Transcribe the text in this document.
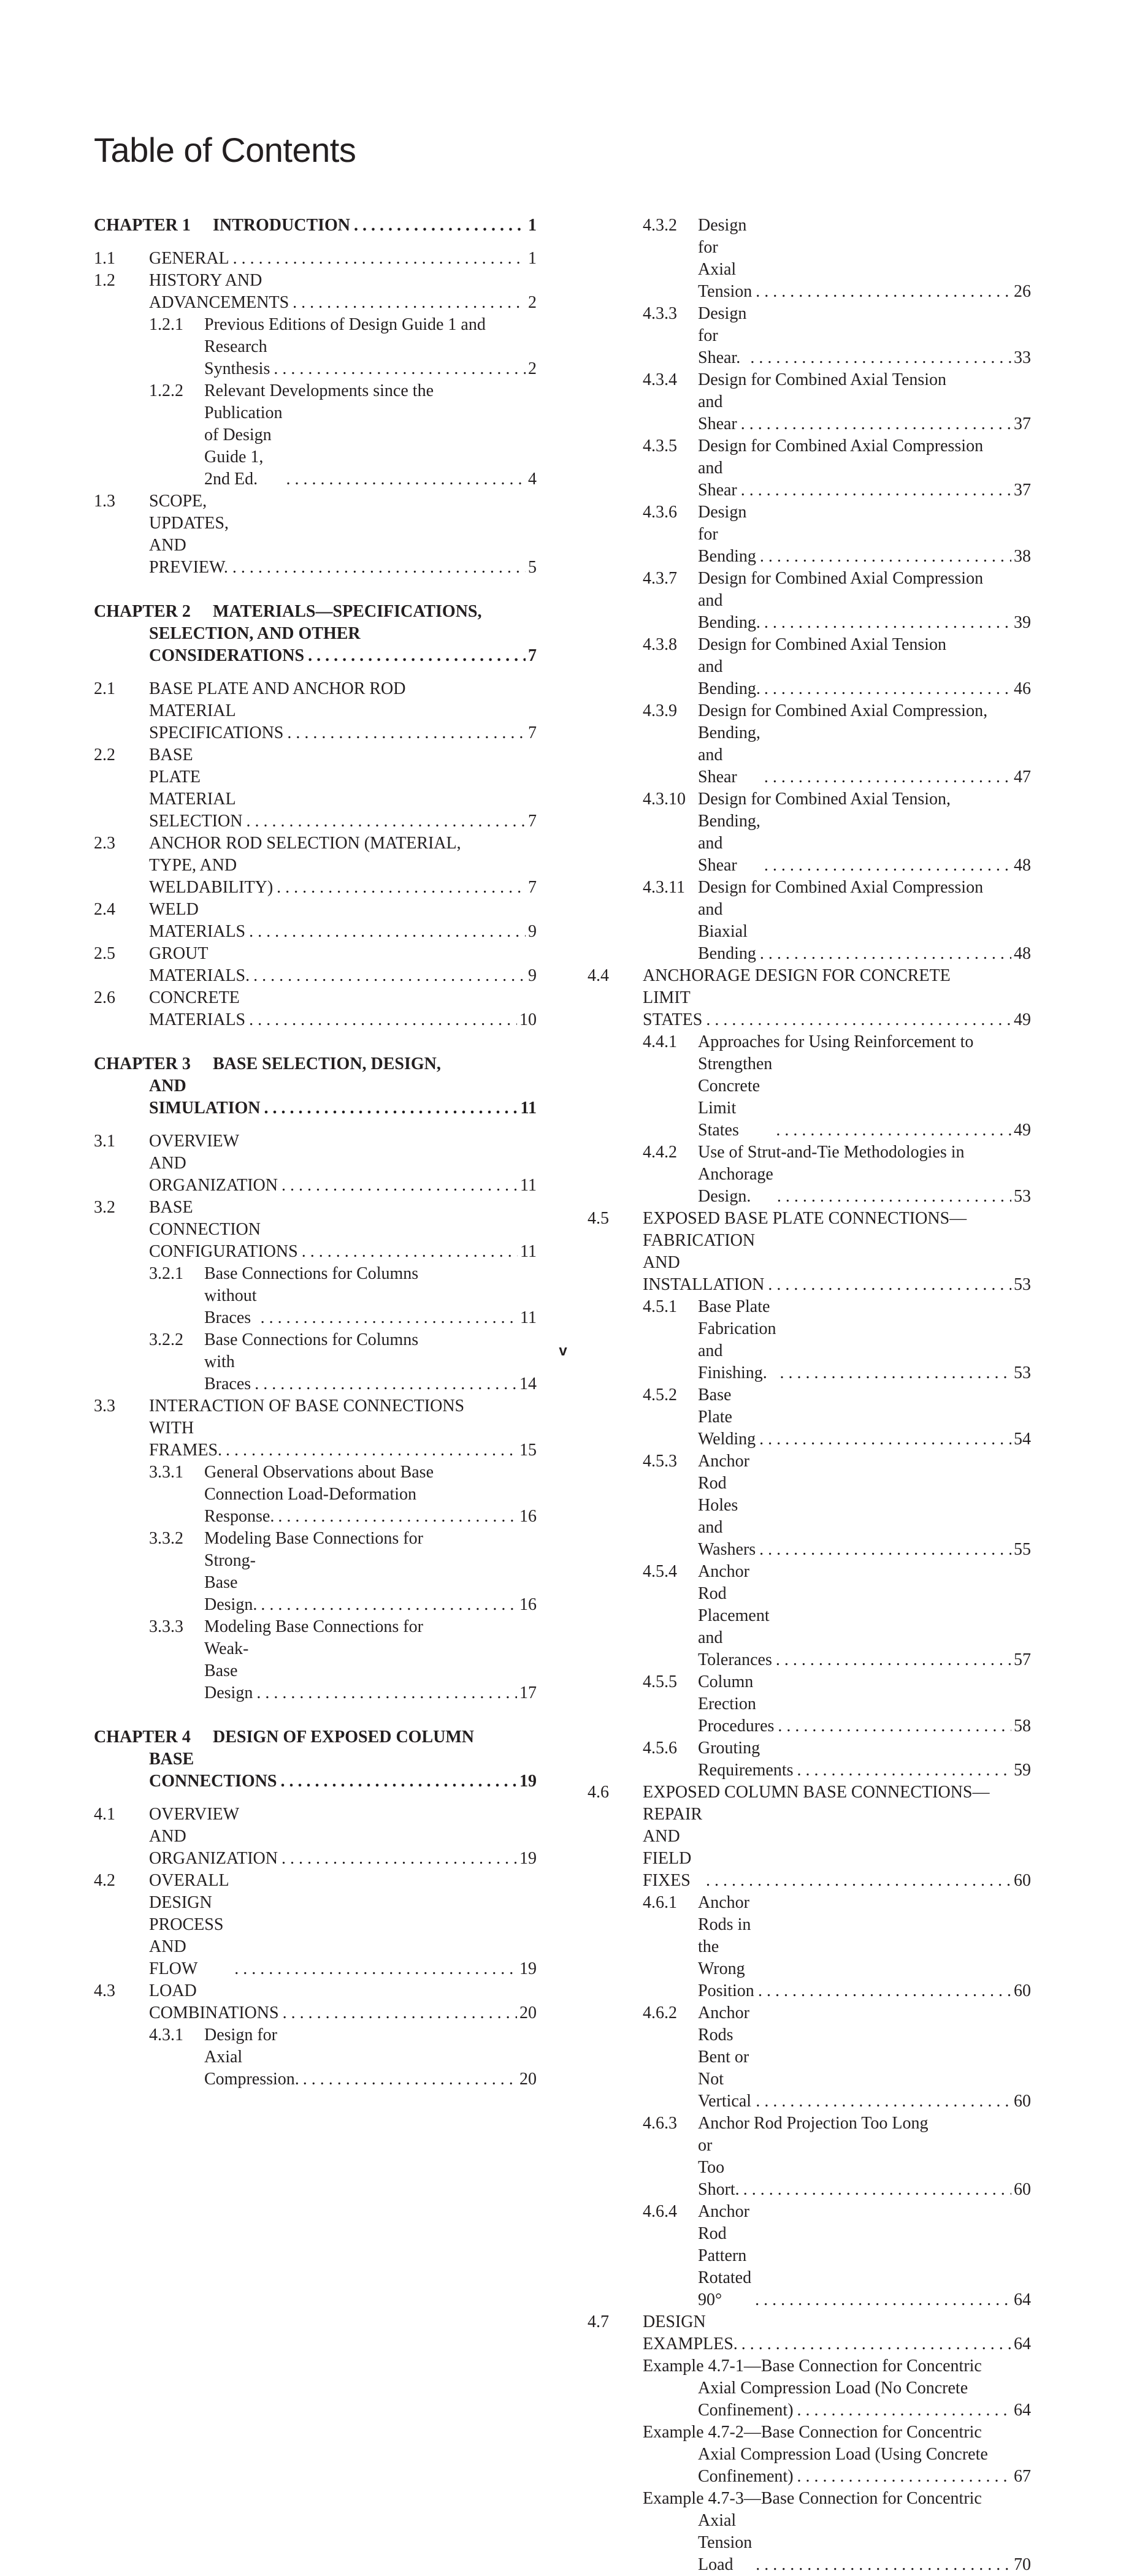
Table of Contents
CHAPTER 1	INTRODUCTION . . .	1
1.1	GENERAL . . .	1
1.2	HISTORY AND ADVANCEMENTS . . .	2
1.2.1	Previous Editions of Design Guide 1 and
Research Synthesis . . .	2
1.2.2	Relevant Developments since the
Publication of Design Guide 1, 2nd Ed. . . .	4
1.3	SCOPE, UPDATES, AND PREVIEW. . . .	5
CHAPTER 2	MATERIALS—SPECIFICATIONS,
SELECTION, AND OTHER
CONSIDERATIONS . . .	7
2.1	BASE PLATE AND ANCHOR ROD
MATERIAL SPECIFICATIONS . . .	7
2.2	BASE PLATE MATERIAL SELECTION . . .	7
2.3	ANCHOR ROD SELECTION (MATERIAL,
TYPE, AND WELDABILITY) . . .	7
2.4	WELD MATERIALS . . .	9
2.5	GROUT MATERIALS. . . .	9
2.6	CONCRETE MATERIALS . . .	10
CHAPTER 3	BASE SELECTION, DESIGN,
AND SIMULATION . . .	11
3.1	OVERVIEW AND ORGANIZATION . . .	11
3.2	BASE CONNECTION CONFIGURATIONS . . .	11
3.2.1	Base Connections for Columns
without Braces . . .	11
3.2.2	Base Connections for Columns
with Braces . . .	14
3.3	INTERACTION OF BASE CONNECTIONS
WITH FRAMES. . . .	15
3.3.1	General Observations about Base
Connection Load-Deformation
Response. . . .	16
3.3.2	Modeling Base Connections for
Strong-Base Design. . . .	16
3.3.3	Modeling Base Connections for
Weak-Base Design . . .	17
CHAPTER 4	DESIGN OF EXPOSED COLUMN
BASE CONNECTIONS . . .	19
4.1	OVERVIEW AND ORGANIZATION . . .	19
4.2	OVERALL DESIGN PROCESS AND FLOW . . .	19
4.3	LOAD COMBINATIONS . . .	20
4.3.1	Design for Axial Compression. . . .	20
4.3.2	Design for Axial Tension . . .	26
4.3.3	Design for Shear. . . .	33
4.3.4	Design for Combined Axial Tension
and Shear . . .	37
4.3.5	Design for Combined Axial Compression
and Shear . . .	37
4.3.6	Design for Bending . . .	38
4.3.7	Design for Combined Axial Compression
and Bending. . . .	39
4.3.8	Design for Combined Axial Tension
and Bending. . . .	46
4.3.9	Design for Combined Axial Compression,
Bending, and Shear . . .	47
4.3.10 Design for Combined Axial Tension,
Bending, and Shear . . .	48
4.3.11 Design for Combined Axial Compression
and Biaxial Bending . . .	48
4.4	ANCHORAGE DESIGN FOR CONCRETE
LIMIT STATES . . .	49
4.4.1	Approaches for Using Reinforcement to
Strengthen Concrete Limit States . . .	49
4.4.2	Use of Strut-and-Tie Methodologies in
Anchorage Design. . . .	53
4.5	EXPOSED BASE PLATE CONNECTIONS—
FABRICATION AND INSTALLATION . . .	53
4.5.1	Base Plate Fabrication and Finishing. . . .	53
4.5.2	Base Plate Welding . . .	54
4.5.3	Anchor Rod Holes and Washers . . .	55
4.5.4	Anchor Rod Placement and Tolerances . . .	57
4.5.5	Column Erection Procedures . . .	58
4.5.6	Grouting Requirements . . .	59
4.6	EXPOSED COLUMN BASE CONNECTIONS—
REPAIR AND FIELD FIXES . . .	60
4.6.1	Anchor Rods in the Wrong Position . . .	60
4.6.2	Anchor Rods Bent or Not Vertical . . .	60
4.6.3	Anchor Rod Projection Too Long
or Too Short. . . .	60
4.6.4	Anchor Rod Pattern Rotated 90° . . .	64
4.7	DESIGN EXAMPLES. . . .	64
Example 4.7-1—Base Connection for Concentric
Axial Compression Load (No Concrete
Confinement) . . .	64
Example 4.7-2—Base Connection for Concentric
Axial Compression Load (Using Concrete
Confinement) . . .	67
Example 4.7-3—Base Connection for Concentric
Axial Tension Load . . .	70
v
